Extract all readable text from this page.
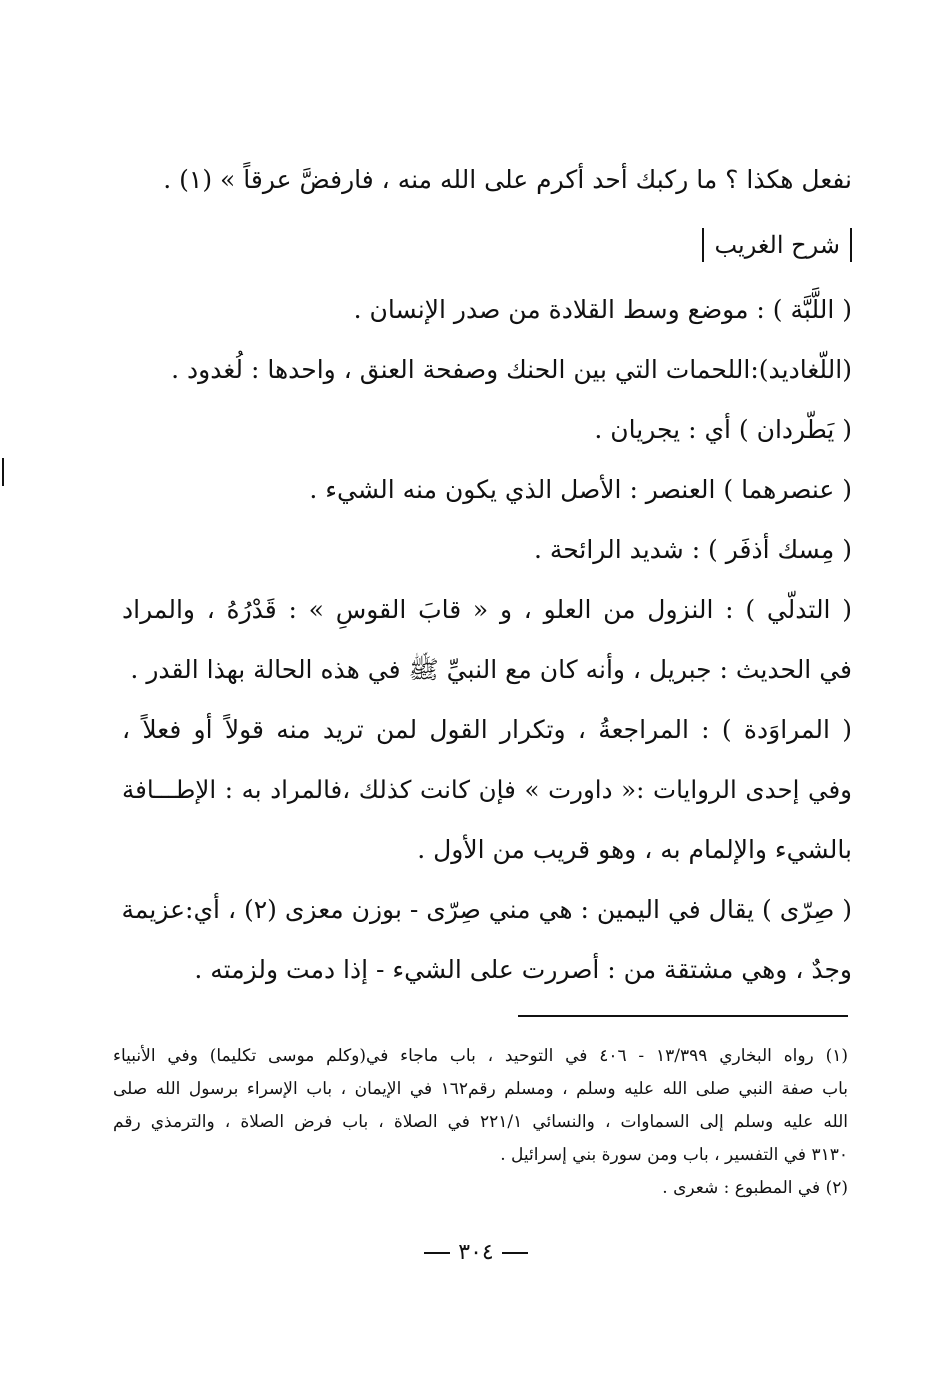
نفعل هكذا ؟ ما ركبك أحد أكرم على الله منه ، فارفضَّ عرقاً » (١) .
شرح الغريب
( اللَّبَّة ) : موضع وسط القلادة من صدر الإنسان .
(اللّغاديد):اللحمات التي بين الحنك وصفحة العنق ، واحدها : لُغدود .
( يَطّردان ) أي : يجريان .
( عنصرهما ) العنصر : الأصل الذي يكون منه الشيء .
( مِسك أذفَر ) : شديد الرائحة .
( التدلّي ) : النزول من العلو ، و « قابَ القوسِ » : قَدْرُهُ ، والمراد
في الحديث : جبريل ، وأنه كان مع النبيِّ ﷺ في هذه الحالة بهذا القدر .
( المراوَدة ) : المراجعةُ ، وتكرار القول لمن تريد منه قولاً أو فعلاً ،
وفي إحدى الروايات :« داورت » فإن كانت كذلك ،فالمراد به : الإطـــافة
بالشيء والإلمام به ، وهو قريب من الأول .
( صِرّى ) يقال في اليمين : هي مني صِرّى - بوزن معزى (٢) ، أي:عزيمة
وجدٌ ، وهي مشتقة من : أصررت على الشيء - إذا دمت ولزمته .
(١) رواه البخاري ١٣/٣٩٩ - ٤٠٦ في التوحيد ، باب ماجاء في(وكلم موسى تكليما) وفي الأنبياء
باب صفة النبي صلى الله عليه وسلم ، ومسلم رقم١٦٢ في الإيمان ، باب الإسراء برسول الله صلى
الله عليه وسلم إلى السماوات ، والنسائي ٢٢١/١ في الصلاة ، باب فرض الصلاة ، والترمذي رقم
٣١٣٠ في التفسير ، باب ومن سورة بني إسرائيل .
(٢) في المطبوع : شعرى .
٣٠٤
